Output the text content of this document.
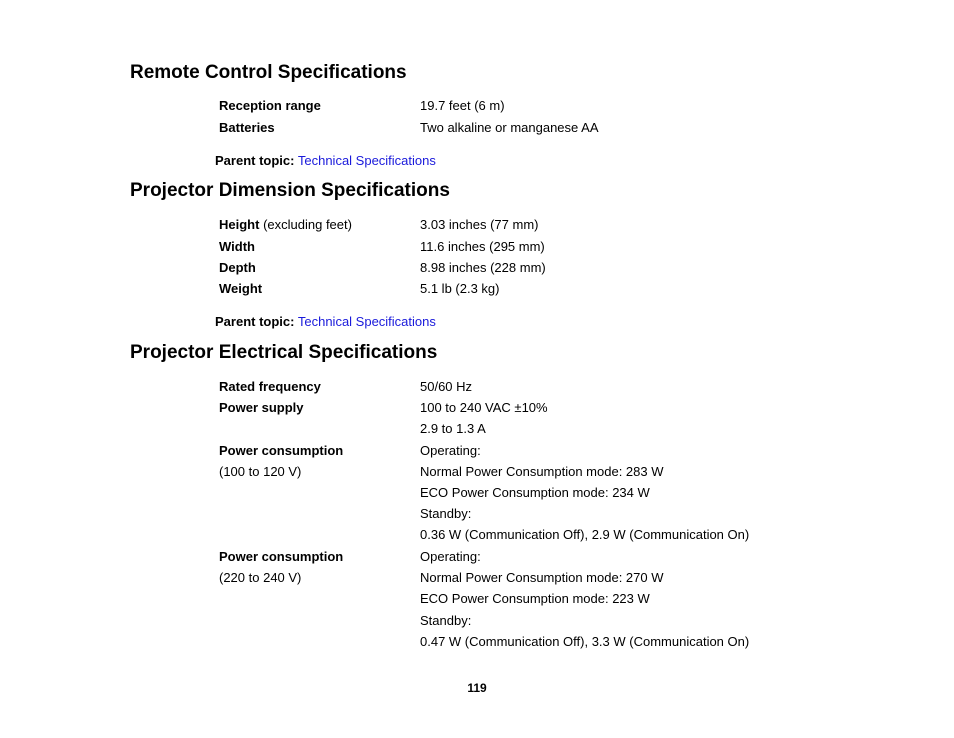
Remote Control Specifications
Reception range	19.7 feet (6 m)
Batteries	Two alkaline or manganese AA
Parent topic: Technical Specifications
Projector Dimension Specifications
Height (excluding feet)	3.03 inches (77 mm)
Width	11.6 inches (295 mm)
Depth	8.98 inches (228 mm)
Weight	5.1 lb (2.3 kg)
Parent topic: Technical Specifications
Projector Electrical Specifications
Rated frequency	50/60 Hz
Power supply	100 to 240 VAC ±10%
2.9 to 1.3 A
Power consumption	Operating:
(100 to 120 V)	Normal Power Consumption mode: 283 W
ECO Power Consumption mode: 234 W
Standby:
0.36 W (Communication Off), 2.9 W (Communication On)
Power consumption	Operating:
(220 to 240 V)	Normal Power Consumption mode: 270 W
ECO Power Consumption mode: 223 W
Standby:
0.47 W (Communication Off), 3.3 W (Communication On)
119
